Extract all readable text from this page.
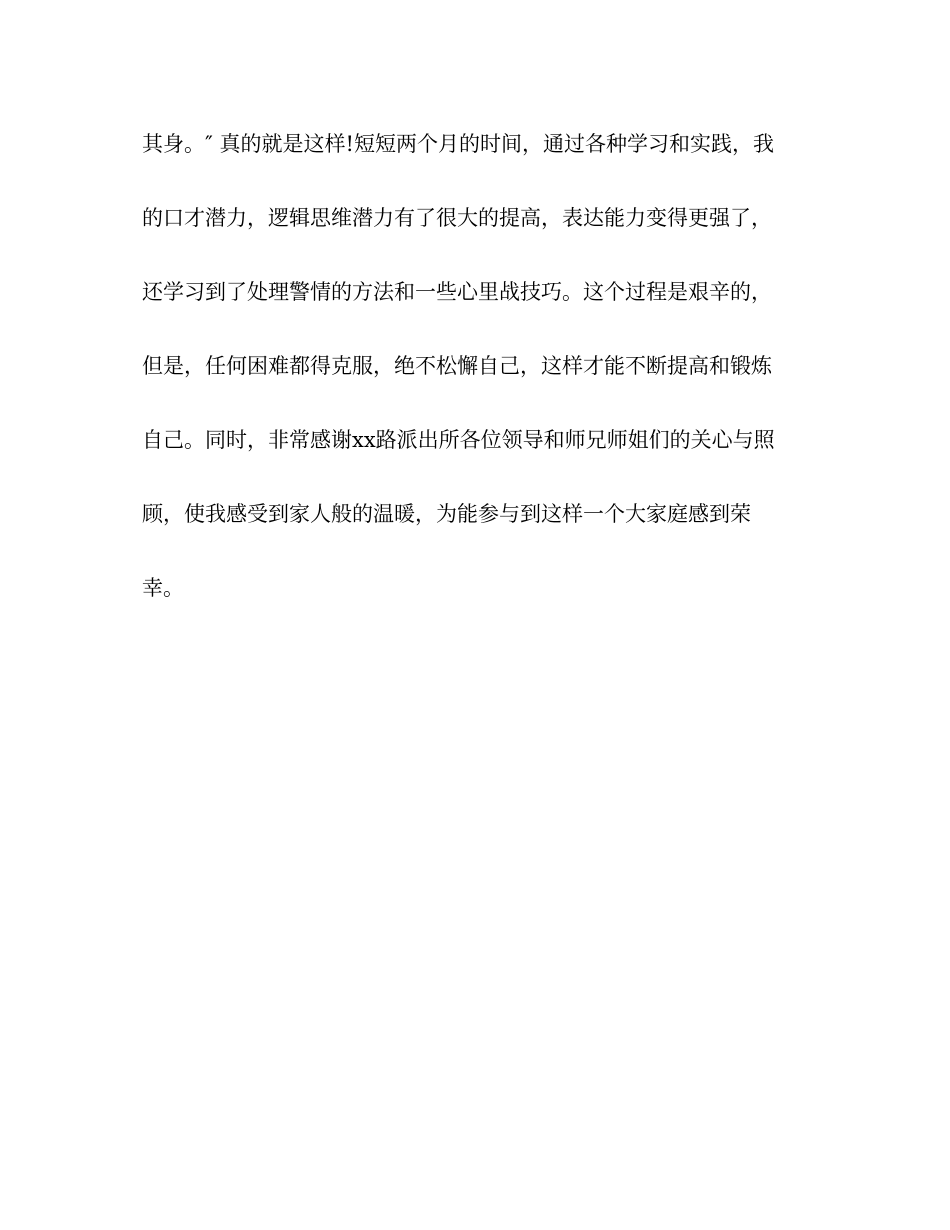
其身。″ 真的就是这样!短短两个月的时间，通过各种学习和实践，我
的口才潜力，逻辑思维潜力有了很大的提高，表达能力变得更强了，
还学习到了处理警情的方法和一些心里战技巧。这个过程是艰辛的，
但是，任何困难都得克服，绝不松懈自己，这样才能不断提高和锻炼
自己。同时，非常感谢xx路派出所各位领导和师兄师姐们的关心与照
顾，使我感受到家人般的温暖，为能参与到这样一个大家庭感到荣
幸。
